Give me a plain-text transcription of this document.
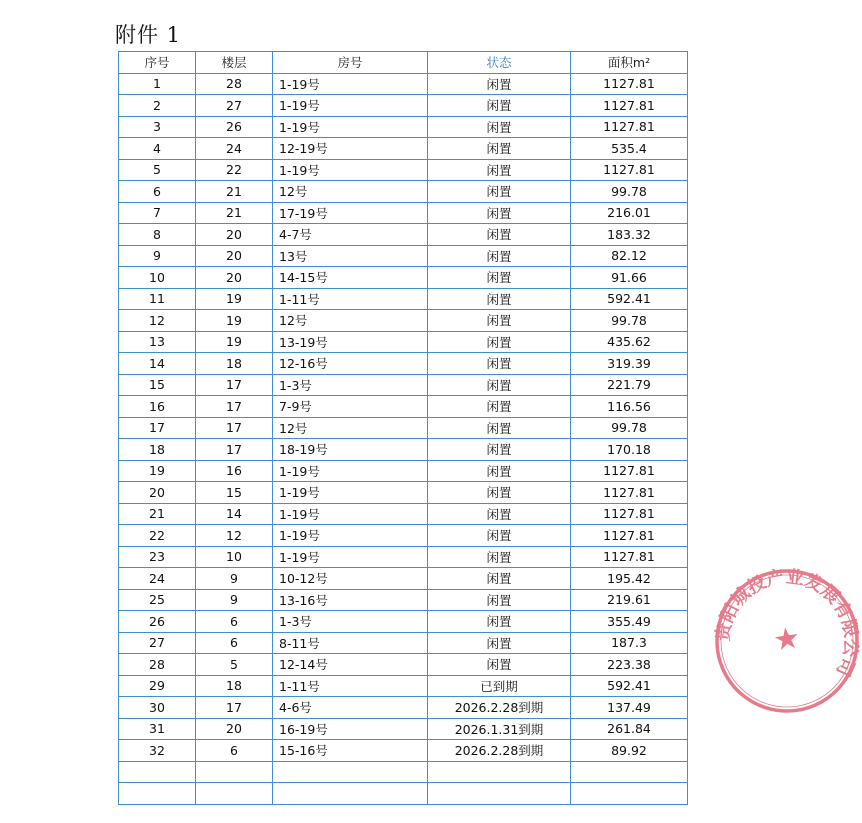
附件 1
序号	楼层	房号	状态	面积m²
1	28	1-19号	闲置	1127.81
2	27	1-19号	闲置	1127.81
3	26	1-19号	闲置	1127.81
4	24	12-19号	闲置	535.4
5	22	1-19号	闲置	1127.81
6	21	12号	闲置	99.78
7	21	17-19号	闲置	216.01
8	20	4-7号	闲置	183.32
9	20	13号	闲置	82.12
10	20	14-15号	闲置	91.66
11	19	1-11号	闲置	592.41
12	19	12号	闲置	99.78
13	19	13-19号	闲置	435.62
14	18	12-16号	闲置	319.39
15	17	1-3号	闲置	221.79
16	17	7-9号	闲置	116.56
17	17	12号	闲置	99.78
18	17	18-19号	闲置	170.18
19	16	1-19号	闲置	1127.81
20	15	1-19号	闲置	1127.81
21	14	1-19号	闲置	1127.81
22	12	1-19号	闲置	1127.81
23	10	1-19号	闲置	1127.81
24	9	10-12号	闲置	195.42
25	9	13-16号	闲置	219.61
26	6	1-3号	闲置	355.49
27	6	8-11号	闲置	187.3
28	5	12-14号	闲置	223.38
29	18	1-11号	已到期	592.41
30	17	4-6号	2026.2.28到期	137.49
31	20	16-19号	2026.1.31到期	261.84
32	6	15-16号	2026.2.28到期	89.92

贵阳城投产业发展有限公司
★
